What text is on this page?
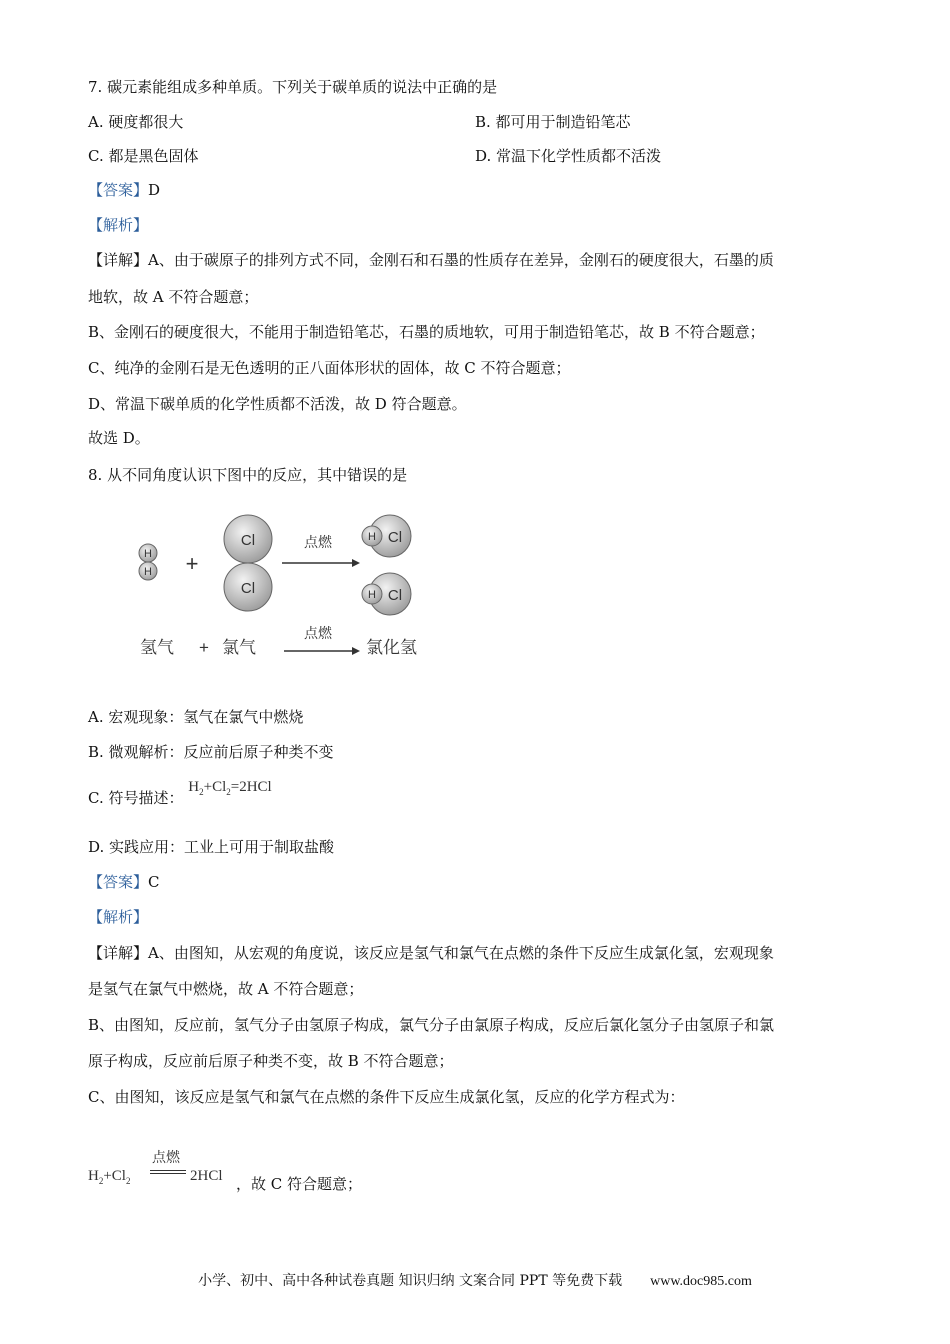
7. 碳元素能组成多种单质。下列关于碳单质的说法中正确的是
A. 硬度都很大	B. 都可用于制造铅笔芯
C. 都是黑色固体	D. 常温下化学性质都不活泼
【答案】D
【解析】
【详解】A、由于碳原子的排列方式不同，金刚石和石墨的性质存在差异，金刚石的硬度很大，石墨的质
地软，故 A 不符合题意；
B、金刚石的硬度很大，不能用于制造铅笔芯，石墨的质地软，可用于制造铅笔芯，故 B 不符合题意；
C、纯净的金刚石是无色透明的正八面体形状的固体，故 C 不符合题意；
D、常温下碳单质的化学性质都不活泼，故 D 符合题意。
故选 D。
8. 从不同角度认识下图中的反应，其中错误的是
H
H +
Cl
Cl
点燃	H Cl
H Cl
氢气 + 氯气
点燃
氯化氢
A. 宏观现象：氢气在氯气中燃烧
B. 微观解析：反应前后原子种类不变
C. 符号描述： $H_2+Cl_2=2HCl$
D. 实践应用：工业上可用于制取盐酸
【答案】C
【解析】
【详解】A、由图知，从宏观的角度说，该反应是氢气和氯气在点燃的条件下反应生成氯化氢，宏观现象
是氢气在氯气中燃烧，故 A 不符合题意；
B、由图知，反应前，氢气分子由氢原子构成，氯气分子由氯原子构成，反应后氯化氢分子由氢原子和氯
原子构成，反应前后原子种类不变，故 B 不符合题意；
C、由图知，该反应是氢气和氯气在点燃的条件下反应生成氯化氢，反应的化学方程式为：
$H_2+Cl_2$
点燃
2HCl ，故 C 符合题意；
小学、初中、高中各种试卷真题 知识归纳 文案合同 PPT 等免费下载 www.doc985.com
